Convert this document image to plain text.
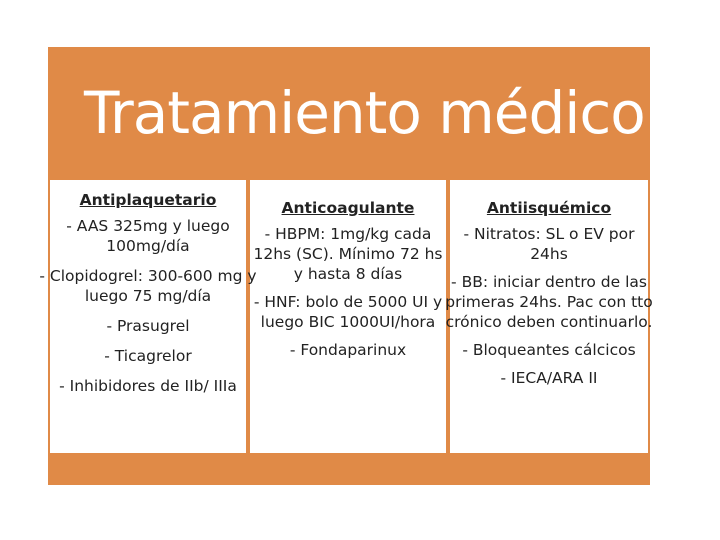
Tratamiento médico
Antiplaquetario
- AAS 325mg y luego 100mg/día
- Clopidogrel: 300-600 mg y luego 75 mg/día
- Prasugrel
- Ticagrelor
- Inhibidores de IIb/ IIIa
Anticoagulante
- HBPM: 1mg/kg cada 12hs (SC). Mínimo 72 hs y hasta 8 días
- HNF: bolo de 5000 UI y luego BIC 1000UI/hora
- Fondaparinux
Antiisquémico
- Nitratos: SL o EV por 24hs
- BB: iniciar dentro de las primeras 24hs. Pac con tto crónico deben continuarlo.
- Bloqueantes cálcicos
- IECA/ARA II
